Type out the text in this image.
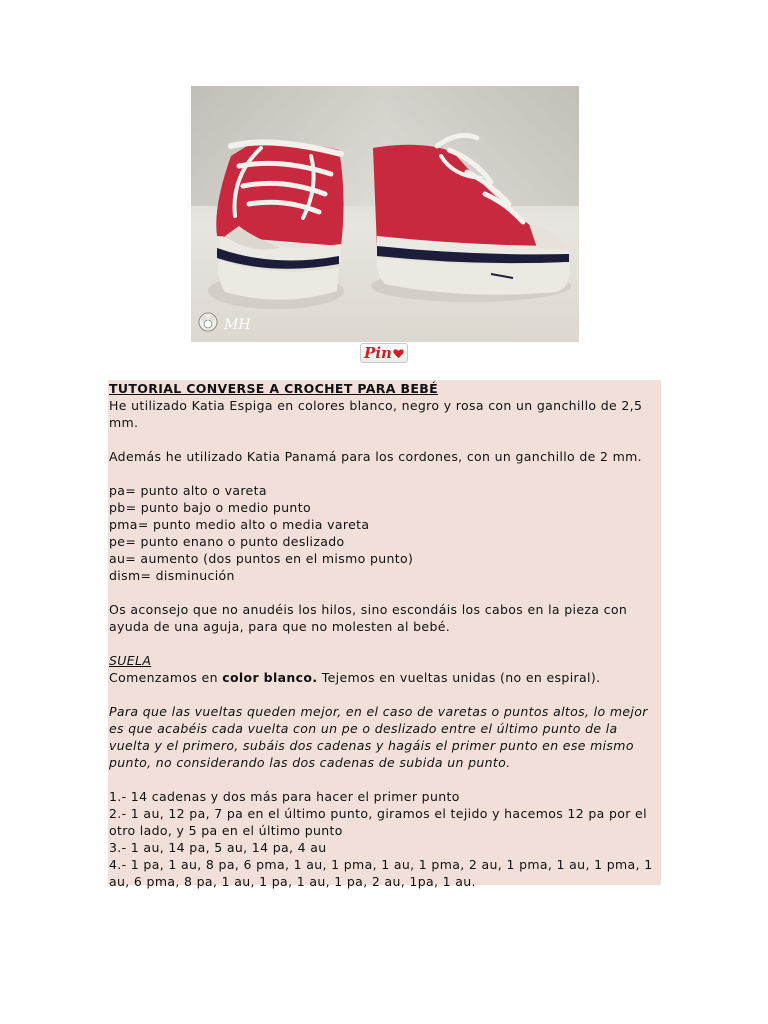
MH
Pin

TUTORIAL CONVERSE A CROCHET PARA BEBÉ

He utilizado Katia Espiga en colores blanco, negro y rosa con un ganchillo de 2,5 mm.

Además he utilizado Katia Panamá para los cordones, con un ganchillo de 2 mm.

pa= punto alto o vareta

pb= punto bajo o medio punto

pma= punto medio alto o media vareta

pe= punto enano o punto deslizado

au= aumento (dos puntos en el mismo punto)

dism= disminución

Os aconsejo que no anudéis los hilos, sino escondáis los cabos en la pieza con ayuda de una aguja, para que no molesten al bebé.

SUELA

Comenzamos en color blanco. Tejemos en vueltas unidas (no en espiral).

Para que las vueltas queden mejor, en el caso de varetas o puntos altos, lo mejor es que acabéis cada vuelta con un pe o deslizado entre el último punto de la vuelta y el primero, subáis dos cadenas y hagáis el primer punto en ese mismo punto, no considerando las dos cadenas de subida un punto.

1.- 14 cadenas y dos más para hacer el primer punto

2.- 1 au, 12 pa, 7 pa en el último punto, giramos el tejido y hacemos 12 pa por el otro lado, y 5 pa en el último punto

3.- 1 au, 14 pa, 5 au, 14 pa, 4 au

4.- 1 pa, 1 au, 8 pa, 6 pma, 1 au, 1 pma, 1 au, 1 pma, 2 au, 1 pma, 1 au, 1 pma, 1 au, 6 pma, 8 pa, 1 au, 1 pa, 1 au, 1 pa, 2 au, 1pa, 1 au.
